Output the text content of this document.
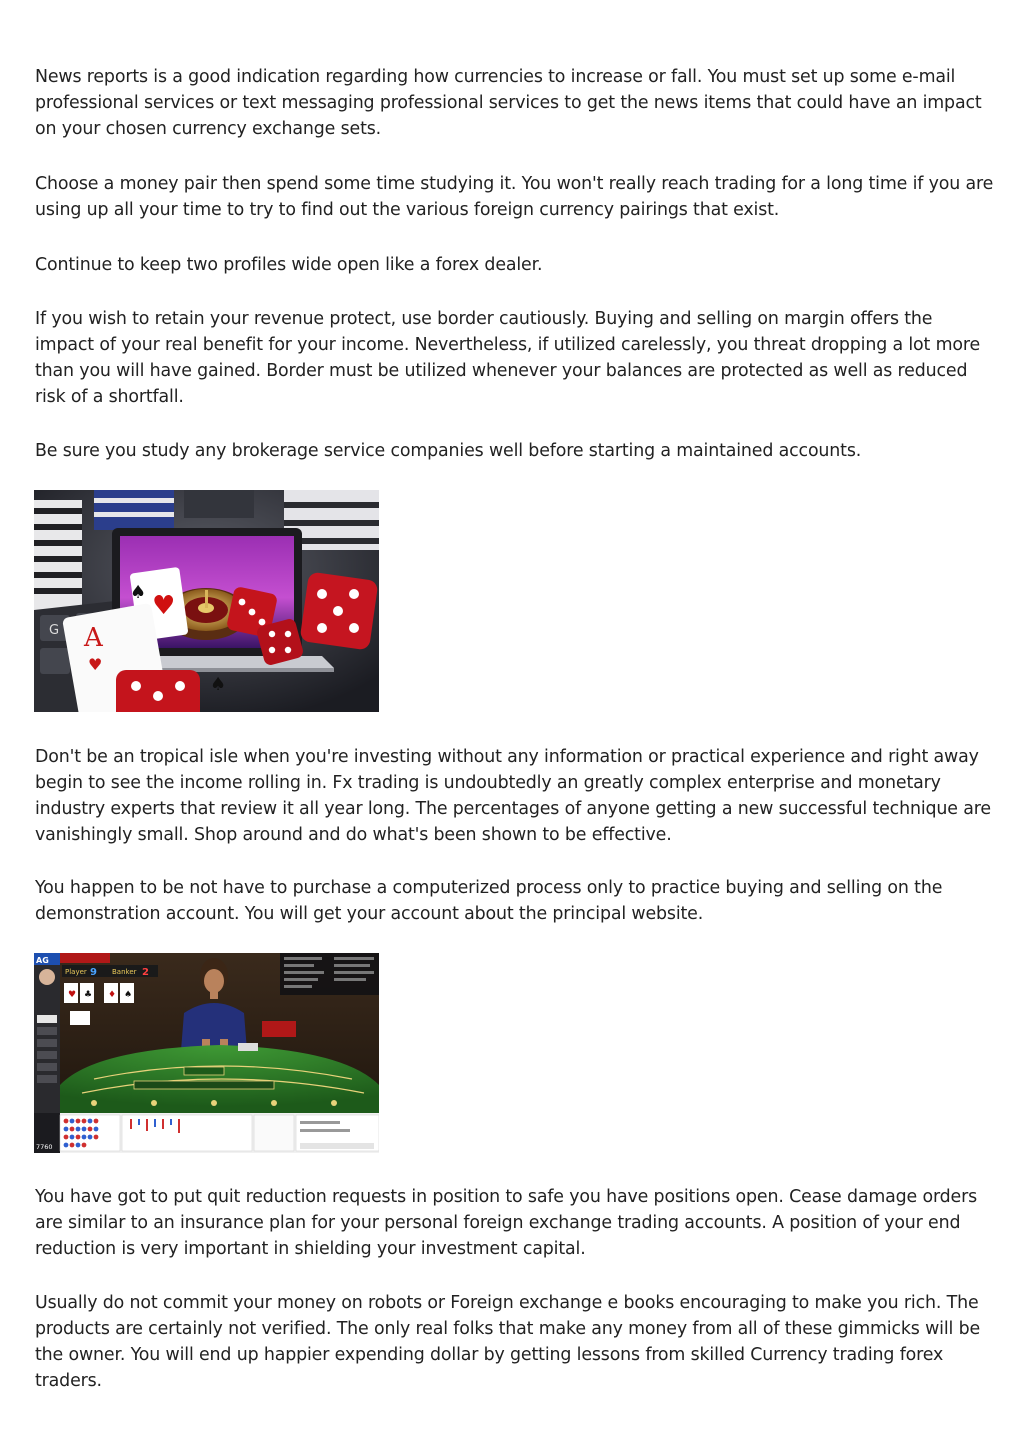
News reports is a good indication regarding how currencies to increase or fall. You must set up some e-mail professional services or text messaging professional services to get the news items that could have an impact on your chosen currency exchange sets.

Choose a money pair then spend some time studying it. You won't really reach trading for a long time if you are using up all your time to try to find out the various foreign currency pairings that exist.

Continue to keep two profiles wide open like a forex dealer.

If you wish to retain your revenue protect, use border cautiously. Buying and selling on margin offers the impact of your real benefit for your income. Nevertheless, if utilized carelessly, you threat dropping a lot more than you will have gained. Border must be utilized whenever your balances are protected as well as reduced risk of a shortfall.

Be sure you study any brokerage service companies well before starting a maintained accounts.

G
♥
♠
A
♥
♠

Don't be an tropical isle when you're investing without any information or practical experience and right away begin to see the income rolling in. Fx trading is undoubtedly an greatly complex enterprise and monetary industry experts that review it all year long. The percentages of anyone getting a new successful technique are vanishingly small. Shop around and do what's been shown to be effective.

You happen to be not have to purchase a computerized process only to practice buying and selling on the demonstration account. You will get your account about the principal website.

AG
Player 9 Banker 2
♥ ♣ ♦ ♠
7760

You have got to put quit reduction requests in position to safe you have positions open. Cease damage orders are similar to an insurance plan for your personal foreign exchange trading accounts. A position of your end reduction is very important in shielding your investment capital.

Usually do not commit your money on robots or Foreign exchange e books encouraging to make you rich. The products are certainly not verified. The only real folks that make any money from all of these gimmicks will be the owner. You will end up happier expending dollar by getting lessons from skilled Currency trading forex traders.
